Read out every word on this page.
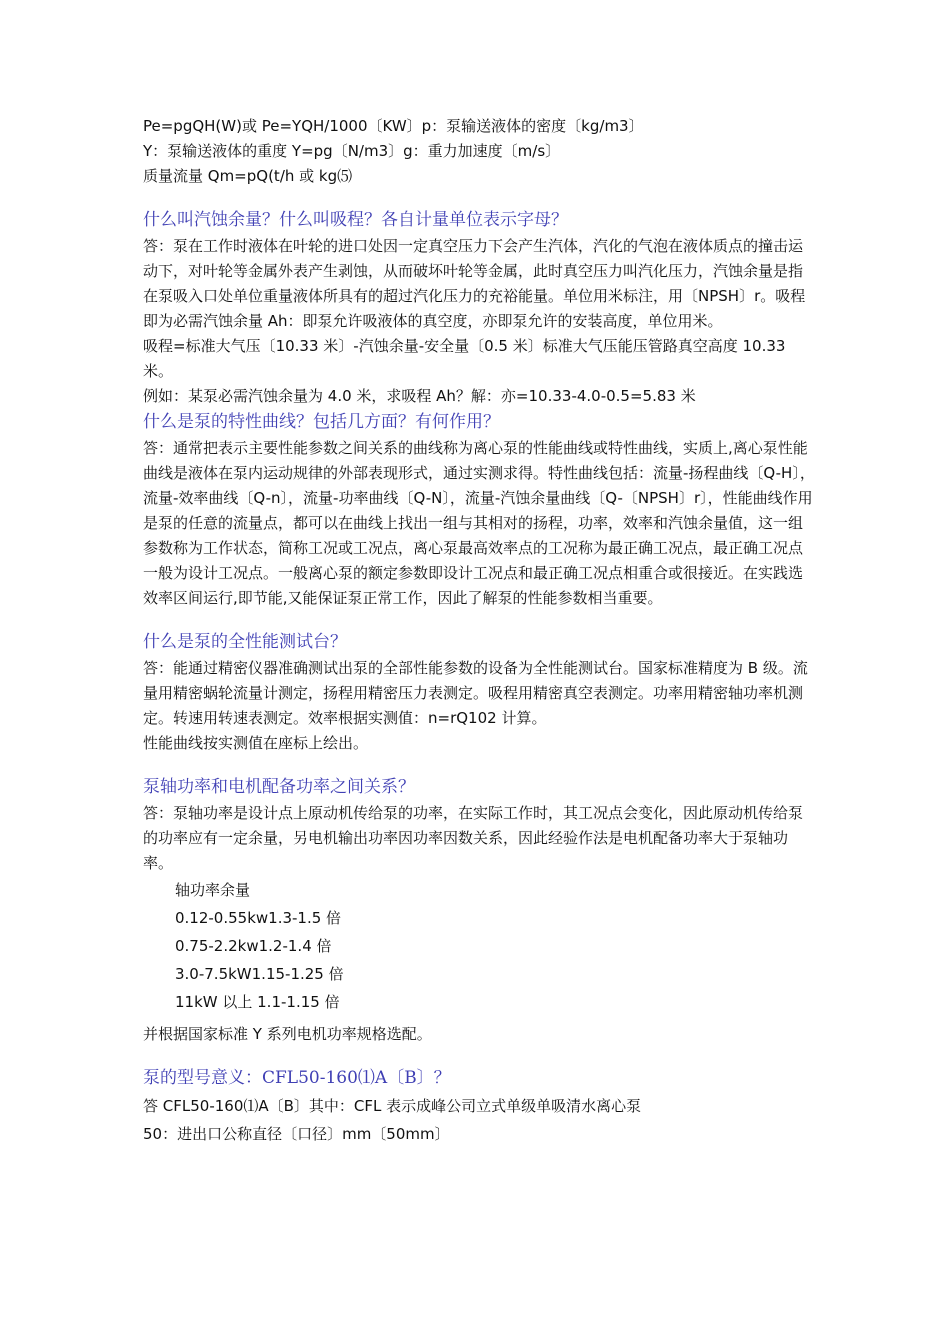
Pe=pgQH(W)或 Pe=YQH/1000〔KW〕p：泵输送液体的密度〔kg/m3〕

Y：泵输送液体的重度 Y=pg〔N/m3〕g：重力加速度〔m/s〕

质量流量 Qm=pQ(t/h 或 kg⑸

什么叫汽蚀余量？什么叫吸程？各自计量单位表示字母？

答：泵在工作时液体在叶轮的进口处因一定真空压力下会产生汽体，汽化的气泡在液体质点的撞击运动下，对叶轮等金属外表产生剥蚀，从而破坏叶轮等金属，此时真空压力叫汽化压力，汽蚀余量是指在泵吸入口处单位重量液体所具有的超过汽化压力的充裕能量。单位用米标注，用〔NPSH〕r。吸程即为必需汽蚀余量 Ah：即泵允许吸液体的真空度，亦即泵允许的安装高度，单位用米。

吸程=标准大气压〔10.33 米〕-汽蚀余量-安全量〔0.5 米〕标准大气压能压管路真空高度 10.33 米。

例如：某泵必需汽蚀余量为 4.0 米，求吸程 Ah？解：亦=10.33-4.0-0.5=5.83 米

什么是泵的特性曲线？包括几方面？有何作用？

答：通常把表示主要性能参数之间关系的曲线称为离心泵的性能曲线或特性曲线，实质上,离心泵性能曲线是液体在泵内运动规律的外部表现形式，通过实测求得。特性曲线包括：流量-扬程曲线〔Q-H〕，流量-效率曲线〔Q-n〕，流量-功率曲线〔Q-N〕，流量-汽蚀余量曲线〔Q-〔NPSH〕r〕，性能曲线作用是泵的任意的流量点，都可以在曲线上找出一组与其相对的扬程，功率，效率和汽蚀余量值，这一组参数称为工作状态，简称工况或工况点，离心泵最高效率点的工况称为最正确工况点，最正确工况点一般为设计工况点。一般离心泵的额定参数即设计工况点和最正确工况点相重合或很接近。在实践选效率区间运行,即节能,又能保证泵正常工作，因此了解泵的性能参数相当重要。

什么是泵的全性能测试台？

答：能通过精密仪器准确测试出泵的全部性能参数的设备为全性能测试台。国家标准精度为 B 级。流量用精密蜗轮流量计测定，扬程用精密压力表测定。吸程用精密真空表测定。功率用精密轴功率机测定。转速用转速表测定。效率根据实测值：n=rQ102 计算。

性能曲线按实测值在座标上绘出。

泵轴功率和电机配备功率之间关系？

答：泵轴功率是设计点上原动机传给泵的功率，在实际工作时，其工况点会变化，因此原动机传给泵的功率应有一定余量，另电机输出功率因功率因数关系，因此经验作法是电机配备功率大于泵轴功率。

轴功率余量

0.12-0.55kw1.3-1.5 倍

0.75-2.2kw1.2-1.4 倍

3.0-7.5kW1.15-1.25 倍

11kW 以上 1.1-1.15 倍

并根据国家标准 Y 系列电机功率规格选配。

泵的型号意义：CFL50-160⑴A〔B〕？

答 CFL50-160⑴A〔B〕其中：CFL 表示成峰公司立式单级单吸清水离心泵

50：进出口公称直径〔口径〕mm〔50mm〕
